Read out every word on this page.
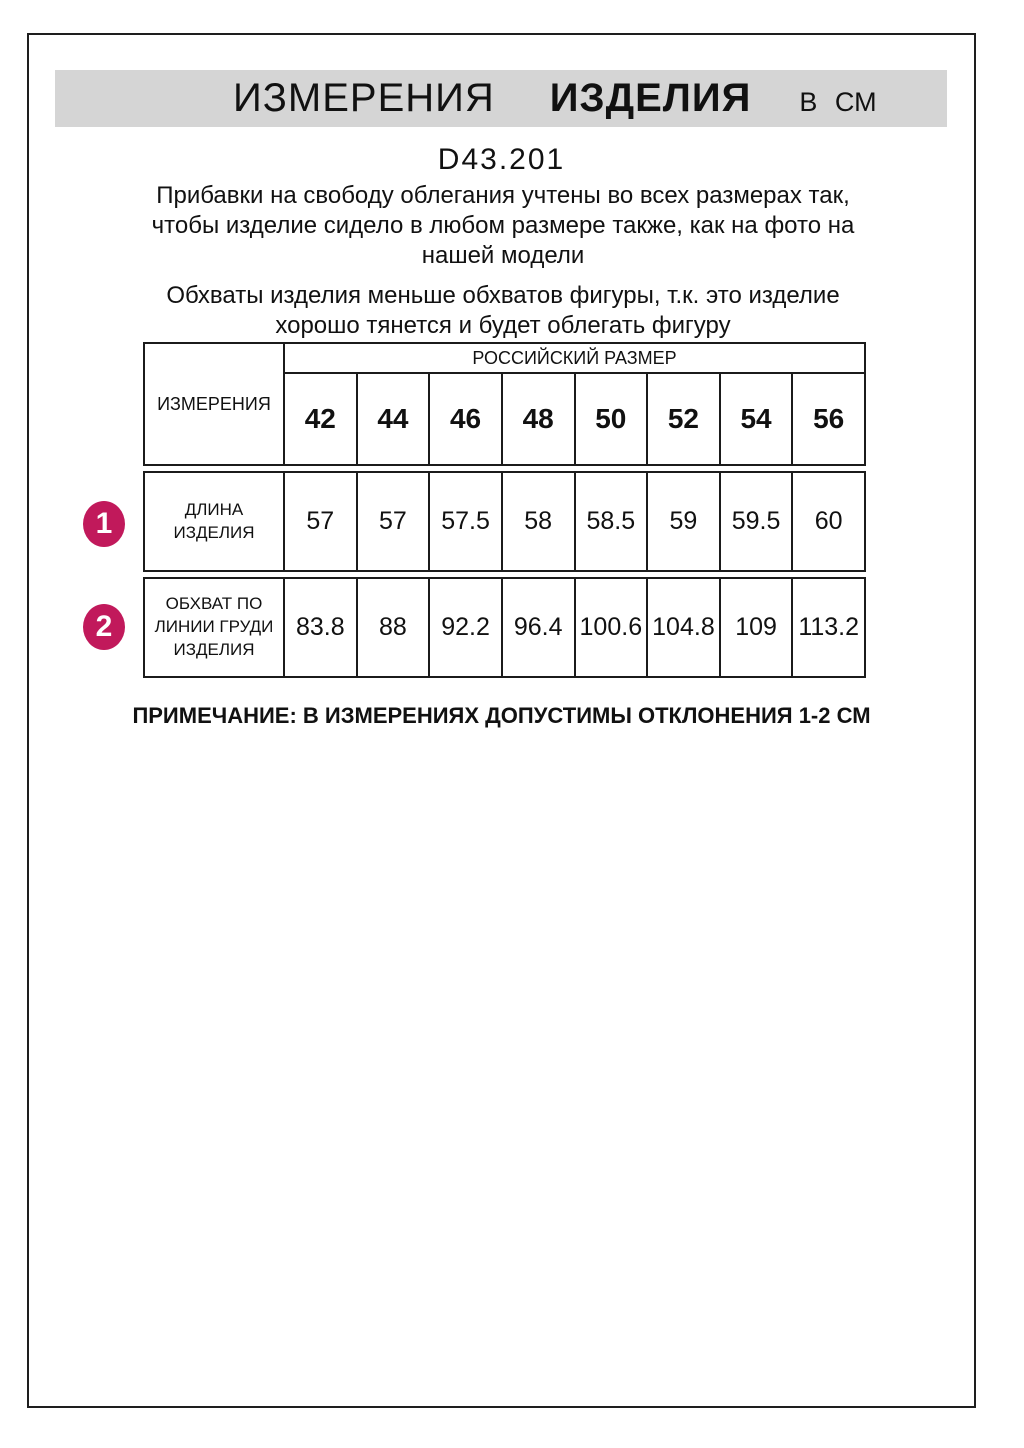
ИЗМЕРЕНИЯ ИЗДЕЛИЯ В СМ
D43.201

Прибавки на свободу облегания учтены во всех размерах так, чтобы изделие сидело в любом размере также, как на фото на нашей модели

Обхваты изделия меньше обхватов фигуры, т.к. это изделие хорошо тянется и будет облегать фигуру

ИЗМЕРЕНИЯ	РОССИЙСКИЙ РАЗМЕР							
	42	44	46	48	50	52	54	56
ДЛИНА ИЗДЕЛИЯ	57	57	57.5	58	58.5	59	59.5	60
ОБХВАТ ПО ЛИНИИ ГРУДИ ИЗДЕЛИЯ	83.8	88	92.2	96.4	100.6	104.8	109	113.2
1
2
ПРИМЕЧАНИЕ: В ИЗМЕРЕНИЯХ ДОПУСТИМЫ ОТКЛОНЕНИЯ 1-2 СМ
